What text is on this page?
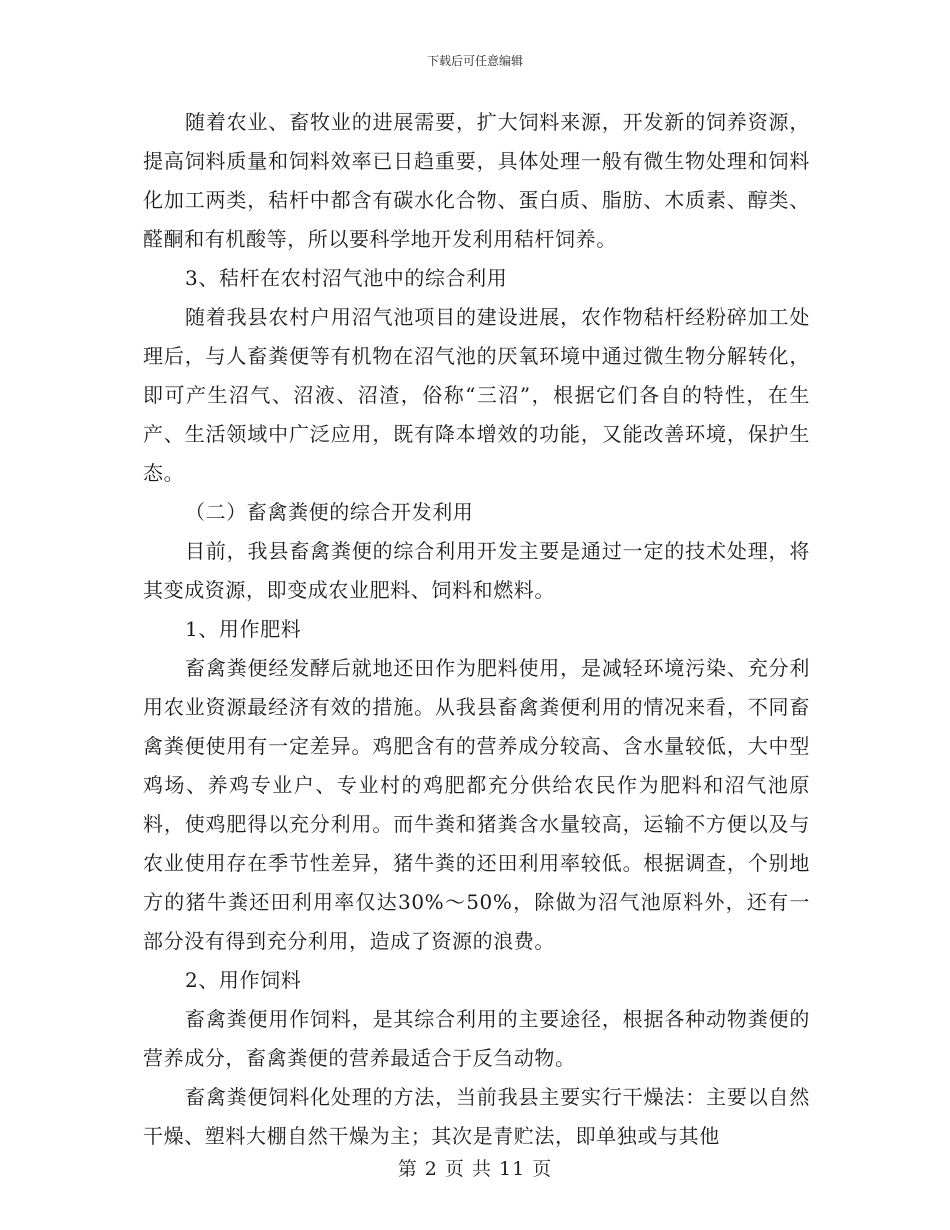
下载后可任意编辑

随着农业、畜牧业的进展需要，扩大饲料来源，开发新的饲养资源，提高饲料质量和饲料效率已日趋重要，具体处理一般有微生物处理和饲料化加工两类，秸杆中都含有碳水化合物、蛋白质、脂肪、木质素、醇类、醛酮和有机酸等，所以要科学地开发利用秸杆饲养。

3、秸杆在农村沼气池中的综合利用

随着我县农村户用沼气池项目的建设进展，农作物秸杆经粉碎加工处理后，与人畜粪便等有机物在沼气池的厌氧环境中通过微生物分解转化，即可产生沼气、沼液、沼渣，俗称“三沼”，根据它们各自的特性，在生产、生活领域中广泛应用，既有降本增效的功能，又能改善环境，保护生态。

（二）畜禽粪便的综合开发利用

目前，我县畜禽粪便的综合利用开发主要是通过一定的技术处理，将其变成资源，即变成农业肥料、饲料和燃料。

1、用作肥料

畜禽粪便经发酵后就地还田作为肥料使用，是减轻环境污染、充分利用农业资源最经济有效的措施。从我县畜禽粪便利用的情况来看，不同畜禽粪便使用有一定差异。鸡肥含有的营养成分较高、含水量较低，大中型鸡场、养鸡专业户、专业村的鸡肥都充分供给农民作为肥料和沼气池原料，使鸡肥得以充分利用。而牛粪和猪粪含水量较高，运输不方便以及与农业使用存在季节性差异，猪牛粪的还田利用率较低。根据调查，个别地方的猪牛粪还田利用率仅达30%～50%，除做为沼气池原料外，还有一部分没有得到充分利用，造成了资源的浪费。

2、用作饲料

畜禽粪便用作饲料，是其综合利用的主要途径，根据各种动物粪便的营养成分，畜禽粪便的营养最适合于反刍动物。

畜禽粪便饲料化处理的方法，当前我县主要实行干燥法：主要以自然干燥、塑料大棚自然干燥为主；其次是青贮法，即单独或与其他

第 2 页 共 11 页
